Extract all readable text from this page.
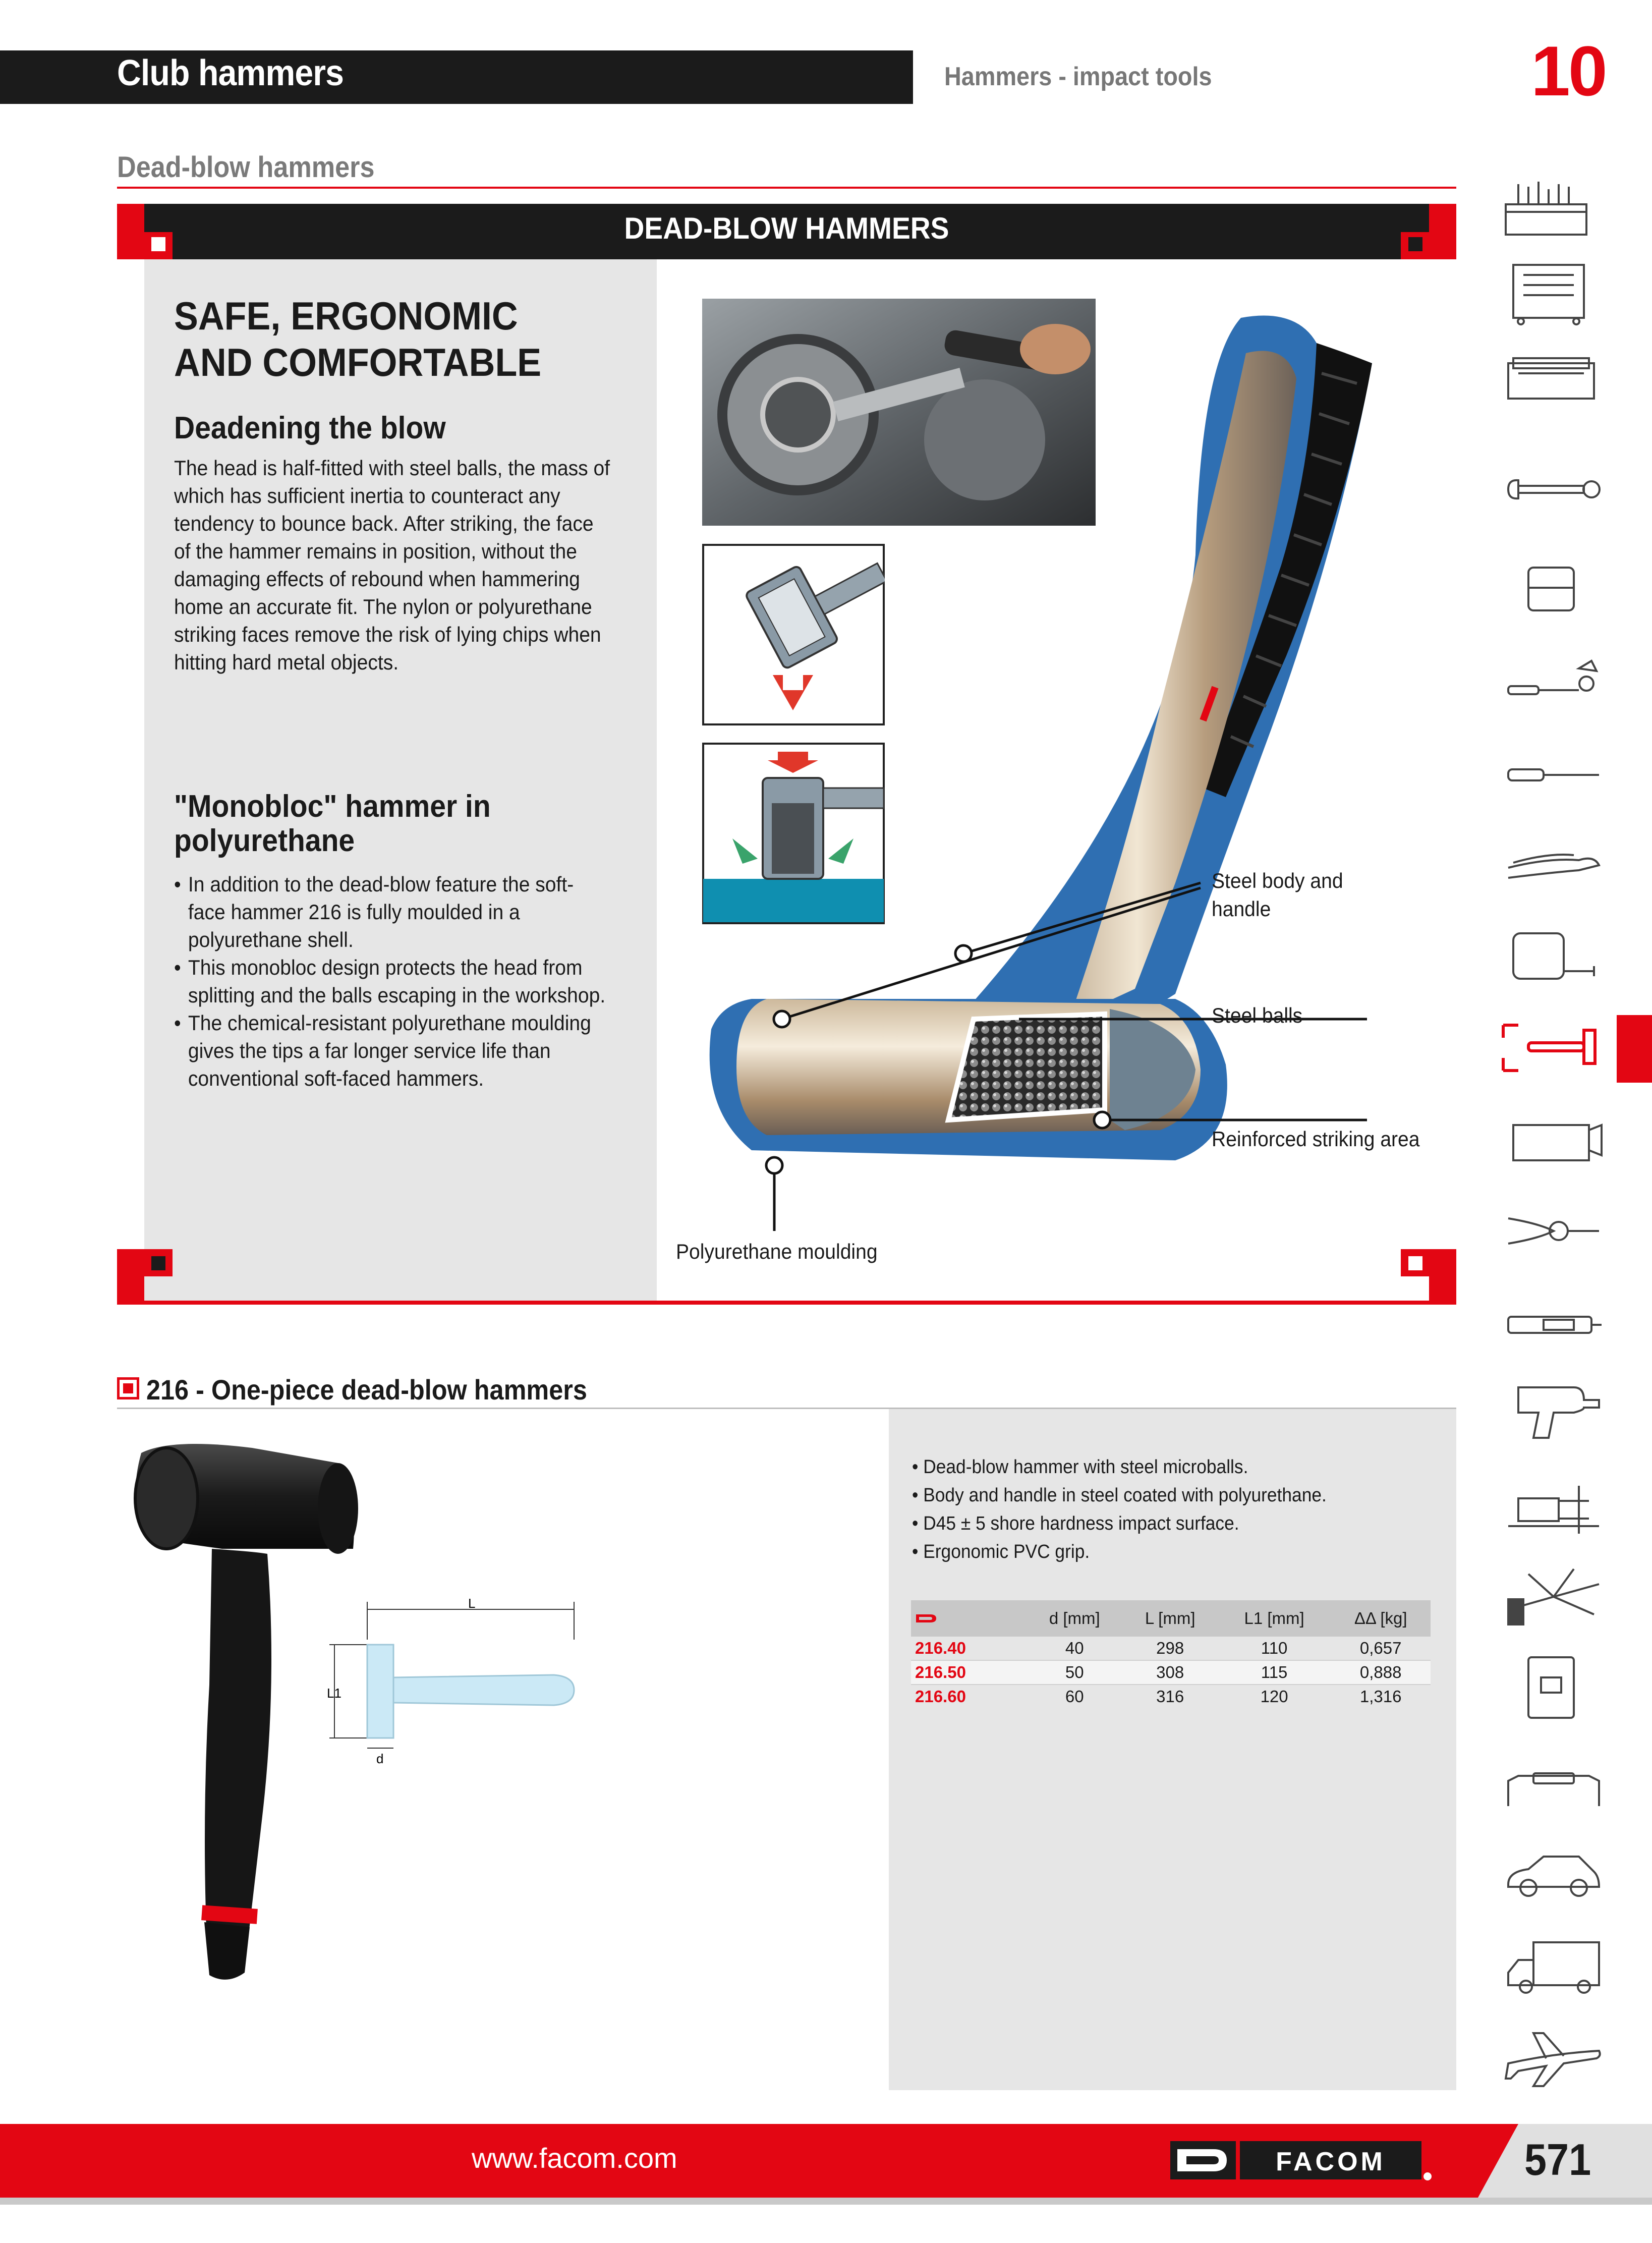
Club hammers	Hammers - impact tools	10
Dead-blow hammers
DEAD-BLOW HAMMERS
SAFE, ERGONOMIC AND COMFORTABLE
Deadening the blow
The head is half-fitted with steel balls, the mass of which has sufficient inertia to counteract any tendency to bounce back. After striking, the face of the hammer remains in position, without the damaging effects of rebound when hammering home an accurate fit. The nylon or polyurethane striking faces remove the risk of lying chips when hitting hard metal objects.
"Monobloc" hammer in polyurethane
• In addition to the dead-blow feature the soft-face hammer 216 is fully moulded in a polyurethane shell.
• This monobloc design protects the head from splitting and the balls escaping in the workshop.
• The chemical-resistant polyurethane moulding gives the tips a far longer service life than conventional soft-faced hammers.
Steel body and handle
Steel balls
Reinforced striking area
Polyurethane moulding
216 - One-piece dead-blow hammers
L
L1
d
• Dead-blow hammer with steel microballs.
• Body and handle in steel coated with polyurethane.
• D45 ± 5 shore hardness impact surface.
• Ergonomic PVC grip.
	d [mm]	L [mm]	L1 [mm]	ΔΔ [kg]
216.40	40	298	110	0,657
216.50	50	308	115	0,888
216.60	60	316	120	1,316
www.facom.com	FACOM	571
